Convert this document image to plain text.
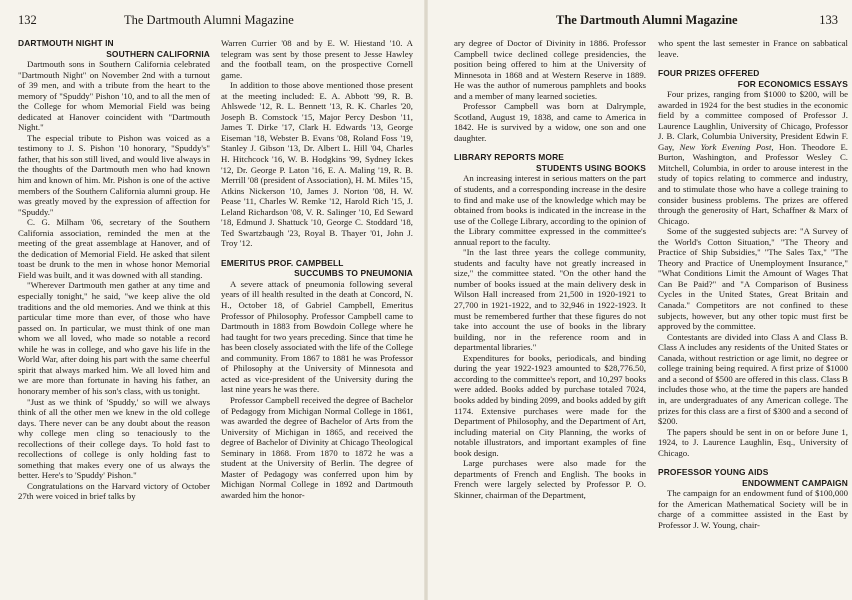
132	The Dartmouth Alumni Magazine
DARTMOUTH NIGHT IN
SOUTHERN CALIFORNIA

Dartmouth sons in Southern California celebrated "Dartmouth Night" on November 2nd with a turnout of 39 men, and with a tribute from the heart to the memory of "Spuddy" Pishon '10, and to all the men of the College for whom Memorial Field was being dedicated at Hanover coincident with "Dartmouth Night."

The especial tribute to Pishon was voiced as a testimony to J. S. Pishon '10 honorary, "Spuddy's" father, that his son still lived, and would live always in the thoughts of the Dartmouth men who had known him and known of him. Mr. Pishon is one of the active members of the Southern California alumni group. He was greatly moved by the expression of affection for "Spuddy."

C. G. Milham '06, secretary of the Southern California association, reminded the men at the meeting of the great assemblage at Hanover, and of the dedication of Memorial Field. He asked that silent toast be drunk to the men in whose honor Memorial Field was built, and it was downed with all standing.

"Wherever Dartmouth men gather at any time and especially tonight," he said, "we keep alive the old traditions and the old memories. And we think at this particular time more than ever, of those who have passed on. In particular, we must think of one man whom we all loved, who made so notable a record while he was in college, and who gave his life in the World War, after doing his part with the same cheerful spirit that always marked him. We all loved him and we are more than fortunate in having his father, an honorary member of his son's class, with us tonight.

"Just as we think of 'Spuddy,' so will we always think of all the other men we knew in the old college days. There never can be any doubt about the reason why college men cling so tenaciously to the recollections of their college days. To hold fast to recollections of college is only holding fast to something that makes every one of us always the better. Here's to 'Spuddy' Pishon."

Congratulations on the Harvard victory of October 27th were voiced in brief talks by

Warren Currier '08 and by E. W. Hiestand '10. A telegram was sent by those present to Jesse Hawley and the football team, on the prospective Cornell game.

In addition to those above mentioned those present at the meeting included: E. A. Abbott '99, R. B. Ahlswede '12, R. L. Bennett '13, R. K. Charles '20, Joseph B. Comstock '15, Major Percy Desbon '11, James T. Dirke '17, Clark H. Edwards '13, George Eiseman '18, Webster B. Evans '08, Roland Foss '19, Stanley J. Gibson '13, Dr. Albert L. Hill '04, Charles H. Hitchcock '16, W. B. Hodgkins '99, Sydney Ickes '12, Dr. George P. Laton '16, E. A. Maling '19, R. B. Merrill '08 (president of Association), H. M. Miles '15, Atkins Nickerson '10, James J. Norton '08, H. W. Pease '11, Charles W. Remke '12, Harold Rich '15, J. Leland Richardson '08, V. R. Salinger '10, Ed Seward '18, Edmund J. Shattuck '10, George C. Stoddard '18, Ted Swartzbaugh '23, Royal B. Thayer '01, John J. Troy '12.

EMERITUS PROF. CAMPBELL
SUCCUMBS TO PNEUMONIA

A severe attack of pneumonia following several years of ill health resulted in the death at Concord, N. H., October 18, of Gabriel Campbell, Emeritus Professor of Philosophy. Professor Campbell came to Dartmouth in 1883 from Bowdoin College where he had taught for two years preceding. Since that time he has been closely associated with the life of the College and community. From 1867 to 1881 he was Professor of Philosophy at the University of Minnesota and acted as vice-president of the University during the last nine years he was there.

Professor Campbell received the degree of Bachelor of Pedagogy from Michigan Normal College in 1861, was awarded the degree of Bachelor of Arts from the University of Michigan in 1865, and received the degree of Bachelor of Divinity at Chicago Theological Seminary in 1868. From 1870 to 1872 he was a student at the University of Berlin. The degree of Master of Pedagogy was conferred upon him by Michigan Normal College in 1892 and Dartmouth awarded him the honor-

The Dartmouth Alumni Magazine	133

ary degree of Doctor of Divinity in 1886. Professor Campbell twice declined college presidencies, the position being offered to him at the University of Minnesota in 1868 and at Western Reserve in 1889. He was the author of numerous pamphlets and books and a member of many learned societies.

Professor Campbell was born at Dalrymple, Scotland, August 19, 1838, and came to America in 1842. He is survived by a widow, one son and one daughter.

LIBRARY REPORTS MORE
STUDENTS USING BOOKS

An increasing interest in serious matters on the part of students, and a corresponding increase in the desire to find and make use of the knowledge which may be obtained from books is indicated in the increase in the use of the College Library, according to the opinion of the Library committee expressed in the committee's annual report to the faculty.

"In the last three years the college community, students and faculty have not greatly increased in size," the committee stated. "On the other hand the number of books issued at the main delivery desk in Wilson Hall increased from 21,500 in 1920-1921 to 27,700 in 1921-1922, and to 32,946 in 1922-1923. It must be remembered further that these figures do not take into account the use of books in the library building, nor in the reference room and in departmental libraries."

Expenditures for books, periodicals, and binding during the year 1922-1923 amounted to $28,776.50, according to the committee's report, and 10,297 books were added. Books added by purchase totaled 7024, books added by binding 2099, and books added by gift 1174. Extensive purchases were made for the Department of Philosophy, and the Department of Art, including material on City Planning, the works of notable illustrators, and important examples of fine book design.

Large purchases were also made for the departments of French and English. The books in French were largely selected by Professor P. O. Skinner, chairman of the Department,

who spent the last semester in France on sabbatical leave.

FOUR PRIZES OFFERED
FOR ECONOMICS ESSAYS

Four prizes, ranging from $1000 to $200, will be awarded in 1924 for the best studies in the economic field by a committee composed of Professor J. Laurence Laughlin, University of Chicago, Professor J. B. Clark, Columbia University, President Edwin F. Gay, New York Evening Post, Hon. Theodore E. Burton, Washington, and Professor Wesley C. Mitchell, Columbia, in order to arouse interest in the study of topics relating to commerce and industry, and to stimulate those who have a college training to consider business problems. The prizes are offered through the generosity of Hart, Schaffner & Marx of Chicago.

Some of the suggested subjects are: "A Survey of the World's Cotton Situation," "The Theory and Practice of Ship Subsidies," "The Sales Tax," "The Theory and Practice of Unemployment Insurance," "What Conditions Limit the Amount of Wages That Can Be Paid?" and "A Comparison of Business Cycles in the United States, Great Britain and Canada." Competitors are not confined to these subjects, however, but any other topic must first be approved by the committee.

Contestants are divided into Class A and Class B. Class A includes any residents of the United States or Canada, without restriction or age limit, no degree or college training being required. A first prize of $1000 and a second of $500 are offered in this class. Class B includes those who, at the time the papers are handed in, are undergraduates of any American college. The prizes for this class are a first of $300 and a second of $200.

The papers should be sent in on or before June 1, 1924, to J. Laurence Laughlin, Esq., University of Chicago.

PROFESSOR YOUNG AIDS
ENDOWMENT CAMPAIGN

The campaign for an endowment fund of $100,000 for the American Mathematical Society will be in charge of a committee assisted in the East by Professor J. W. Young, chair-
